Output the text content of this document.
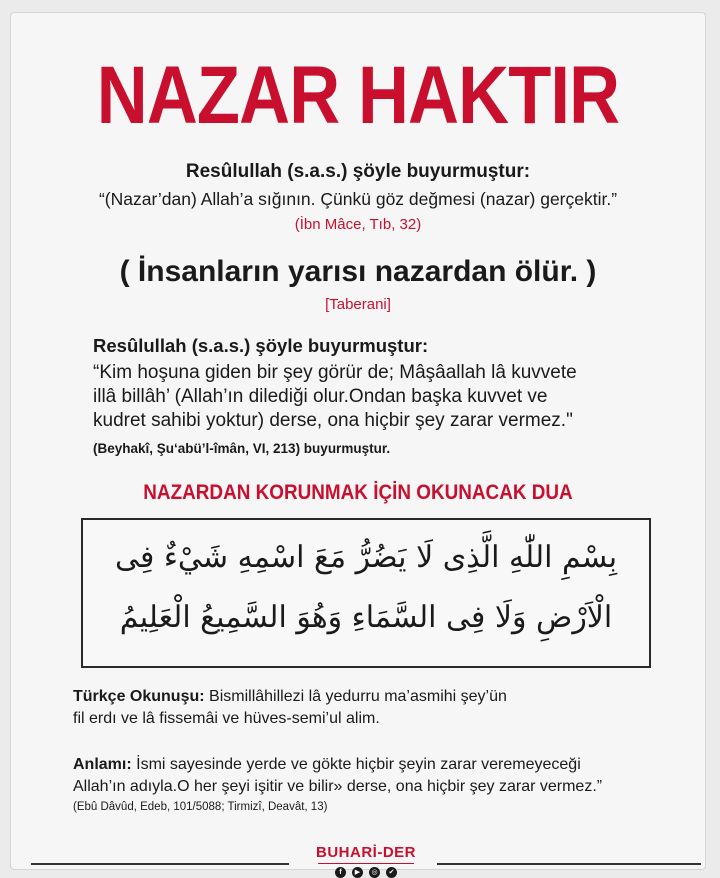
NAZAR HAKTIR
Resûlullah (s.a.s.) şöyle buyurmuştur:
“(Nazar’dan) Allah’a sığının. Çünkü göz değmesi (nazar) gerçektir.”
(İbn Mâce, Tıb, 32)
( İnsanların yarısı nazardan ölür. )
[Taberani]
Resûlullah (s.a.s.) şöyle buyurmuştur:
“Kim hoşuna giden bir şey görür de; Mâşâallah lâ kuvvete
illâ billâh’ (Allah’ın dilediği olur.Ondan başka kuvvet ve
kudret sahibi yoktur) derse, ona hiçbir şey zarar vermez."
(Beyhakî, Şu‘abü’l-îmân, VI, 213) buyurmuştur.
NAZARDAN KORUNMAK İÇİN OKUNACAK DUA
بِسْمِ اللّٰهِ الَّذِى لَا يَضُرُّ مَعَ اسْمِهِ شَيْءٌ فِى
الْاَرْضِ وَلَا فِى السَّمَاءِ وَهُوَ السَّمِيعُ الْعَلِيمُ
Türkçe Okunuşu: Bismillâhillezi lâ yedurru ma’asmihi şey’ün
fil erdı ve lâ fissemâi ve hüves-semi’ul alim.
Anlamı: İsmi sayesinde yerde ve gökte hiçbir şeyin zarar veremeyeceği
Allah’ın adıyla.O her şeyi işitir ve bilir» derse, ona hiçbir şey zarar vermez.”
(Ebû Dâvûd, Edeb, 101/5088; Tirmizî, Deavât, 13)
BUHARİ-DER
f	▶	◎	✔
